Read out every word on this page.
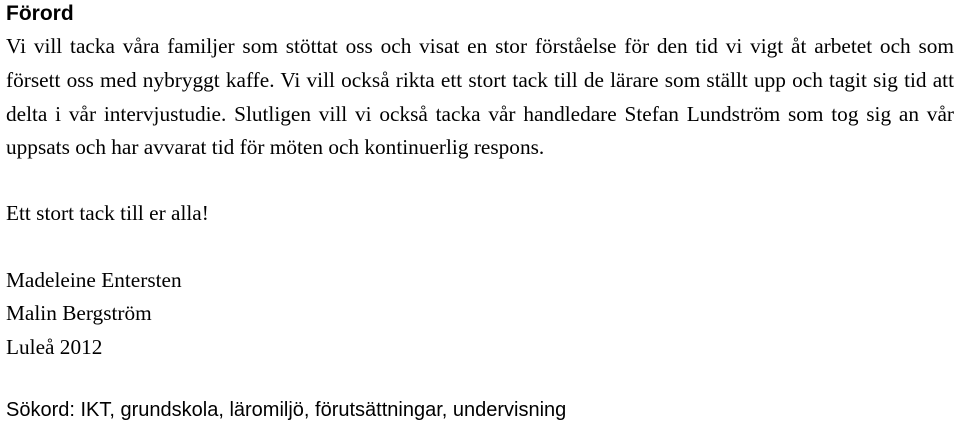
Förord

Vi vill tacka våra familjer som stöttat oss och visat en stor förståelse för den tid vi vigt åt arbetet och som försett oss med nybryggt kaffe. Vi vill också rikta ett stort tack till de lärare som ställt upp och tagit sig tid att delta i vår intervjustudie. Slutligen vill vi också tacka vår handledare Stefan Lundström som tog sig an vår uppsats och har avvarat tid för möten och kontinuerlig respons.

Ett stort tack till er alla!

Madeleine Entersten

Malin Bergström

Luleå 2012

Sökord: IKT, grundskola, läromiljö, förutsättningar, undervisning
